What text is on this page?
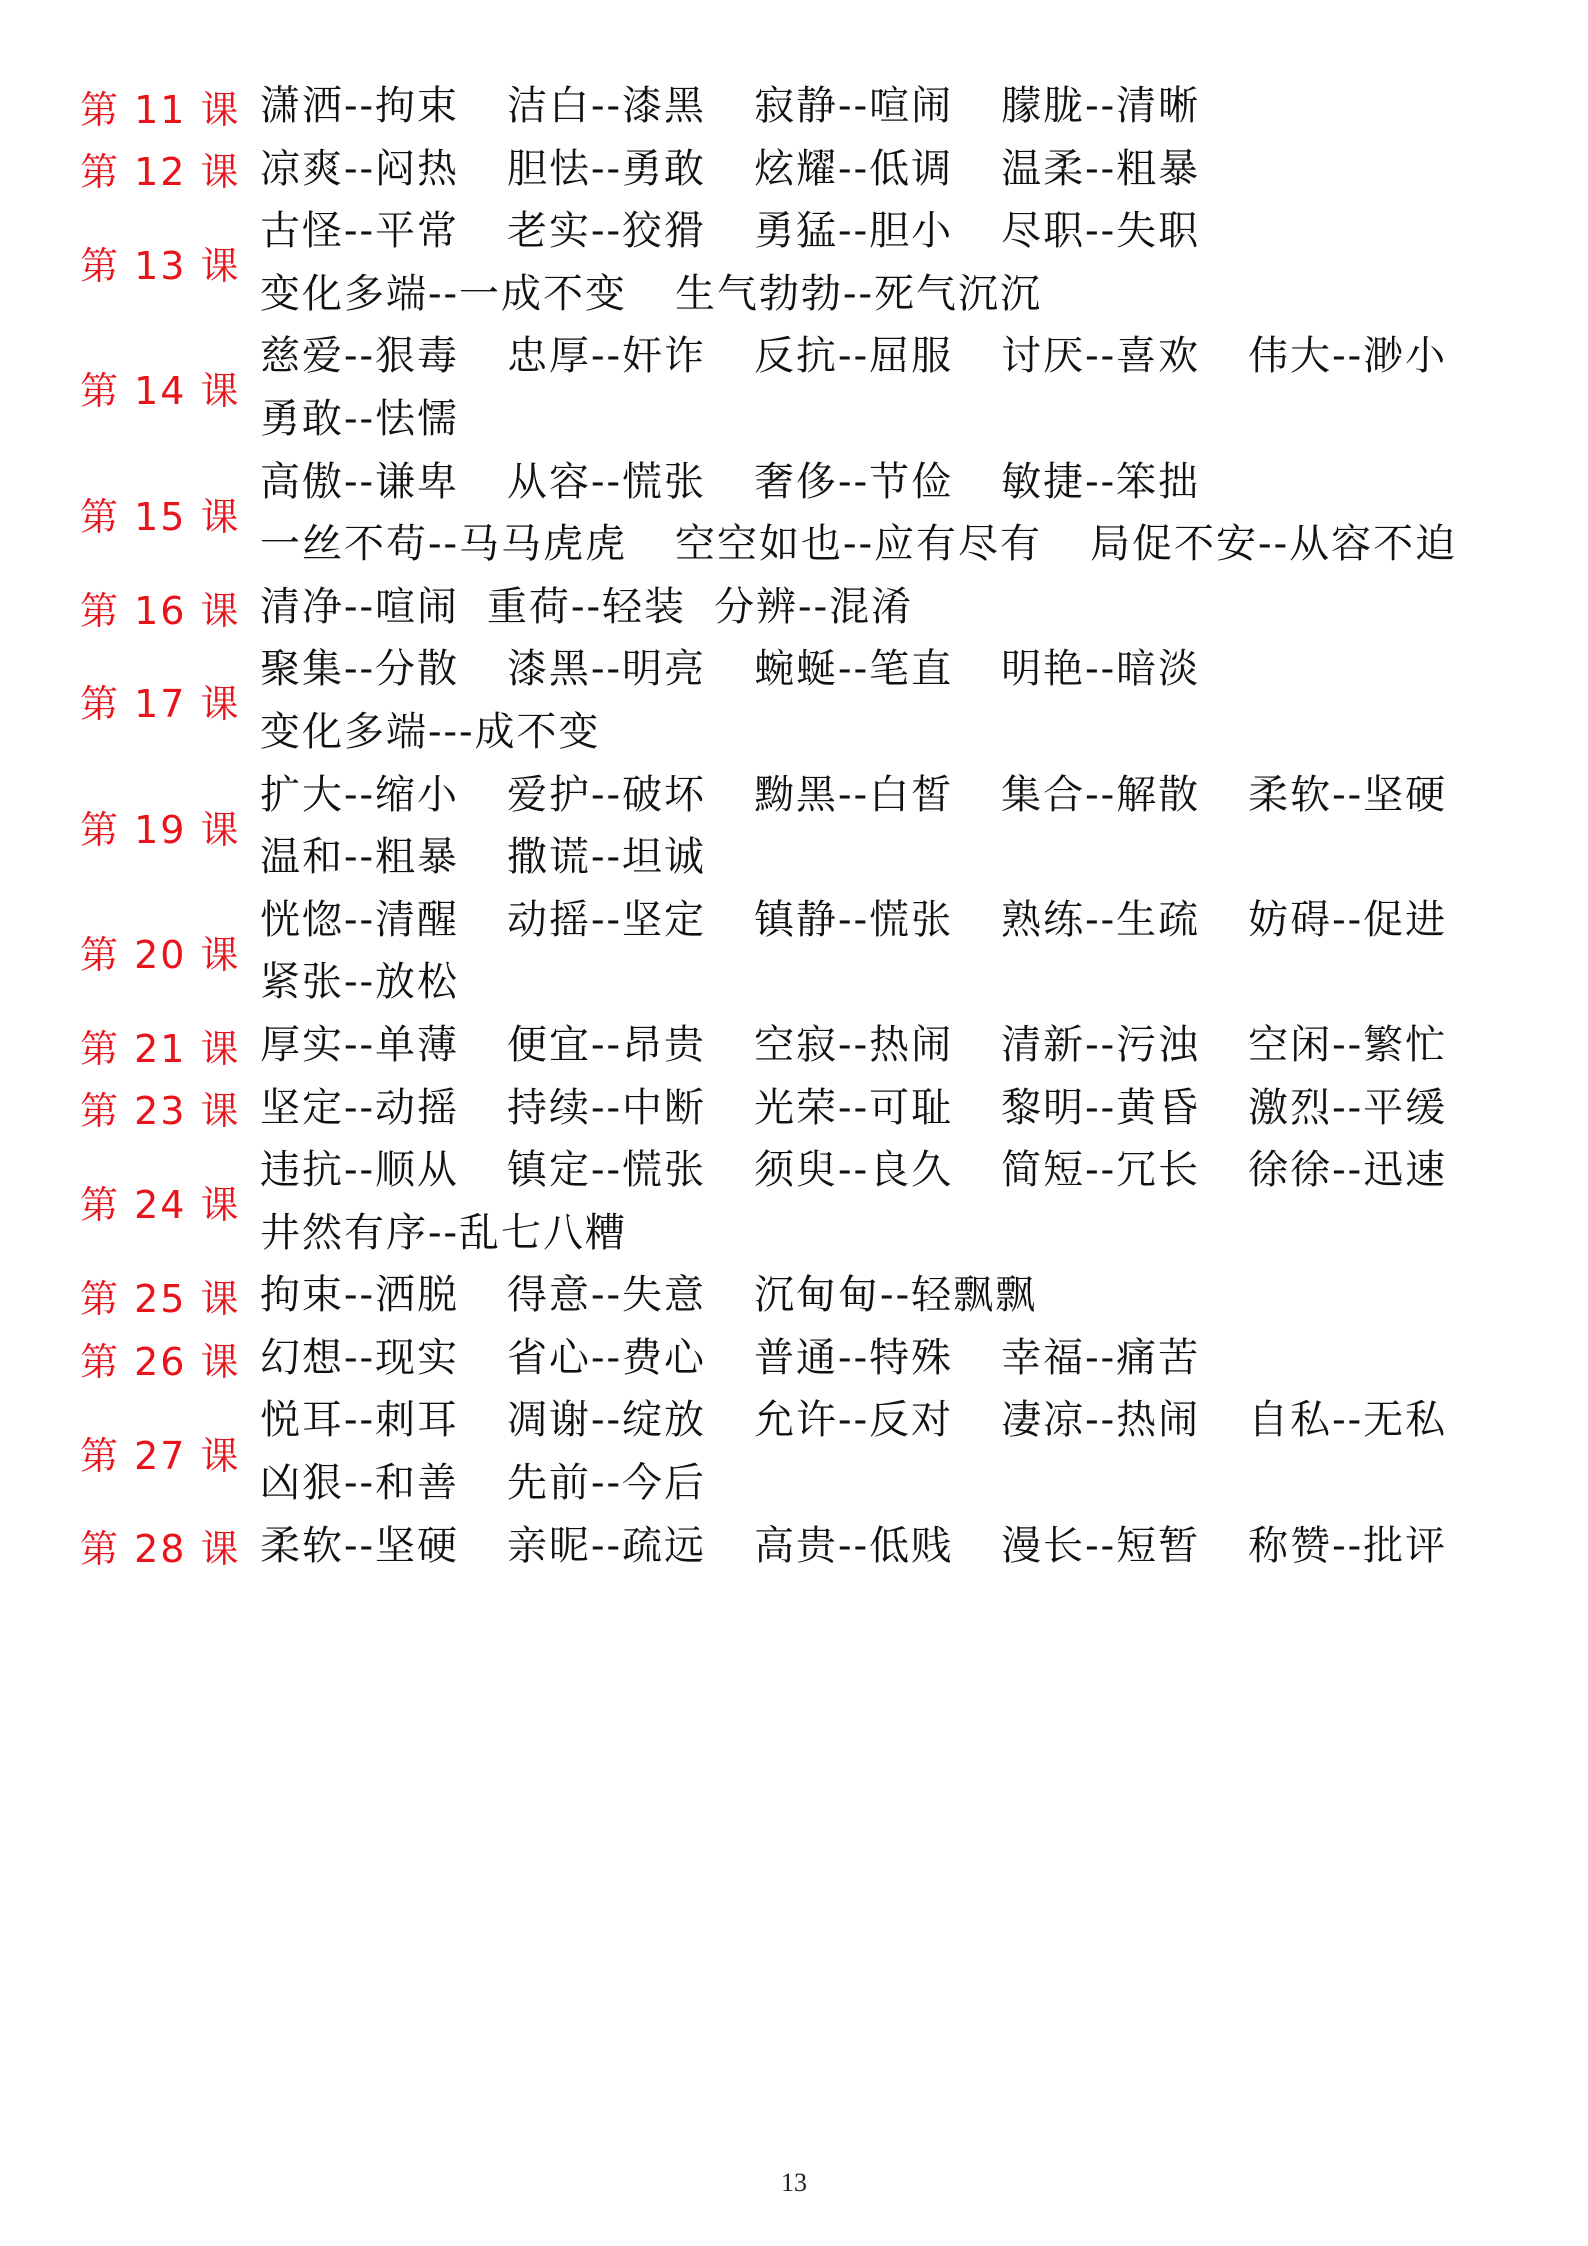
第 11 课 潇洒--拘束 洁白--漆黑 寂静--喧闹 朦胧--清晰
第 12 课 凉爽--闷热 胆怯--勇敢 炫耀--低调 温柔--粗暴
第 13 课
古怪--平常 老实--狡猾 勇猛--胆小 尽职--失职
变化多端--一成不变 生气勃勃--死气沉沉
第 14 课
慈爱--狠毒 忠厚--奸诈 反抗--屈服 讨厌--喜欢 伟大--渺小
勇敢--怯懦
第 15 课
高傲--谦卑 从容--慌张 奢侈--节俭 敏捷--笨拙
一丝不苟--马马虎虎 空空如也--应有尽有 局促不安--从容不迫
第 16 课 清净--喧闹 重荷--轻装 分辨--混淆
第 17 课
聚集--分散 漆黑--明亮 蜿蜒--笔直 明艳--暗淡
变化多端---成不变
第 19 课
扩大--缩小 爱护--破坏 黝黑--白皙 集合--解散 柔软--坚硬
温和--粗暴 撒谎--坦诚
第 20 课
恍惚--清醒 动摇--坚定 镇静--慌张 熟练--生疏 妨碍--促进
紧张--放松
第 21 课 厚实--单薄 便宜--昂贵 空寂--热闹 清新--污浊 空闲--繁忙
第 23 课 坚定--动摇 持续--中断 光荣--可耻 黎明--黄昏 激烈--平缓
第 24 课
违抗--顺从 镇定--慌张 须臾--良久 简短--冗长 徐徐--迅速
井然有序--乱七八糟
第 25 课 拘束--洒脱 得意--失意 沉甸甸--轻飘飘
第 26 课 幻想--现实 省心--费心 普通--特殊 幸福--痛苦
第 27 课
悦耳--刺耳 凋谢--绽放 允许--反对 凄凉--热闹 自私--无私
凶狠--和善 先前--今后
第 28 课 柔软--坚硬 亲昵--疏远 高贵--低贱 漫长--短暂 称赞--批评
13
